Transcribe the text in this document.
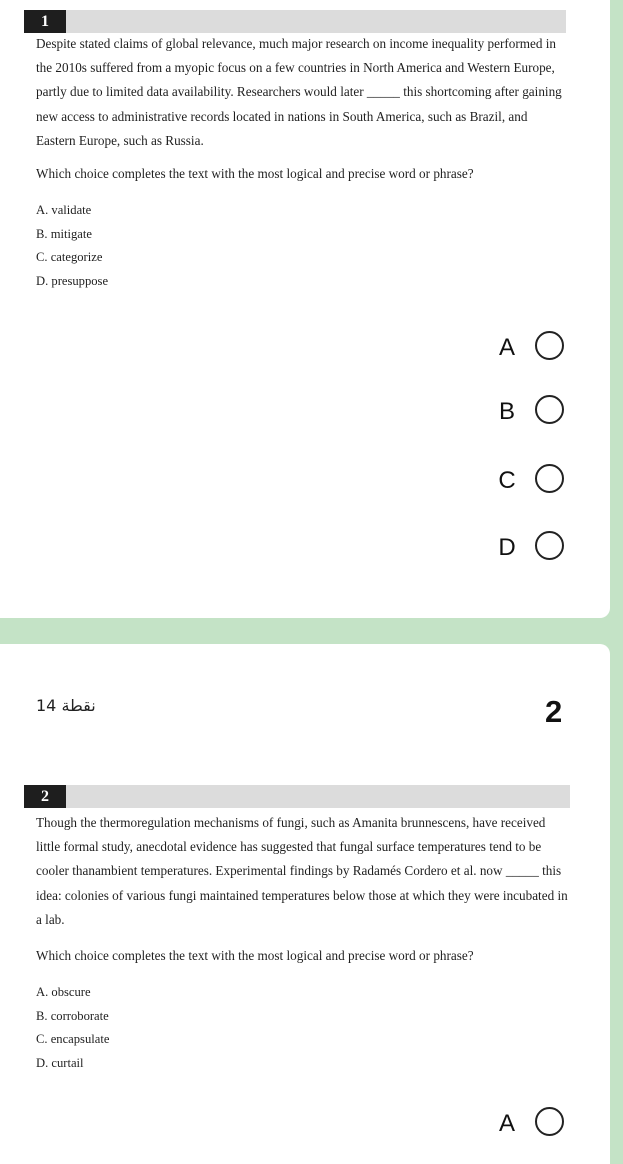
1

Despite stated claims of global relevance, much major research on income inequality performed in the 2010s suffered from a myopic focus on a few countries in North America and Western Europe, partly due to limited data availability. Researchers would later _____ this shortcoming after gaining new access to administrative records located in nations in South America, such as Brazil, and Eastern Europe, such as Russia.

Which choice completes the text with the most logical and precise word or phrase?

A. validate
B. mitigate
C. categorize
D. presuppose
A
B
C
D
نقطة 14	2
2

Though the thermoregulation mechanisms of fungi, such as Amanita brunnescens, have received little formal study, anecdotal evidence has suggested that fungal surface temperatures tend to be cooler thanambient temperatures. Experimental findings by Radamés Cordero et al. now _____ this idea: colonies of various fungi maintained temperatures below those at which they were incubated in a lab.

Which choice completes the text with the most logical and precise word or phrase?

A. obscure
B. corroborate
C. encapsulate
D. curtail
A
